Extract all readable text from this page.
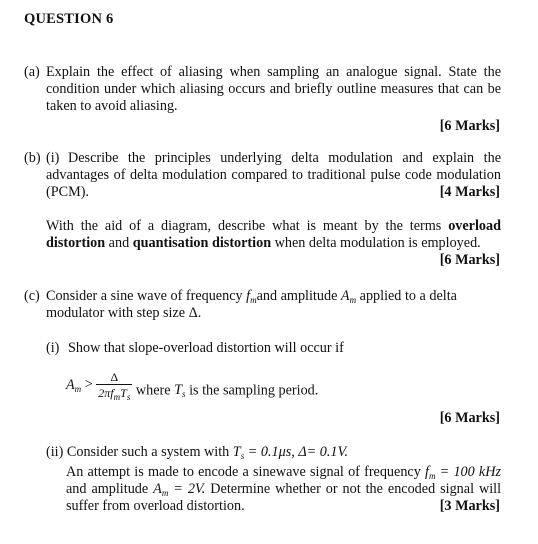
QUESTION 6
(a) Explain the effect of aliasing when sampling an analogue signal. State the condition under which aliasing occurs and briefly outline measures that can be taken to avoid aliasing.
[6 Marks]
(b) (i) Describe the principles underlying delta modulation and explain the advantages of delta modulation compared to traditional pulse code modulation (PCM).	[4 Marks]
With the aid of a diagram, describe what is meant by the terms overload distortion and quantisation distortion when delta modulation is employed.
[6 Marks]
(c) Consider a sine wave of frequency $f_mand$ amplitude $A_m$ applied to a delta modulator with step size Δ.
(i) Show that slope-overload distortion will occur if
$A_m > \frac{\Delta}{2\pi f_mT_s}$ where $T_s$ is the sampling period.
[6 Marks]
(ii) Consider such a system with $T_s = 0.1\mu s$, Δ= 0.1V.
An attempt is made to encode a sinewave signal of frequency $f_m = 100$ kHz and amplitude $A_m = 2V$. Determine whether or not the encoded signal will suffer from overload distortion.	[3 Marks]
